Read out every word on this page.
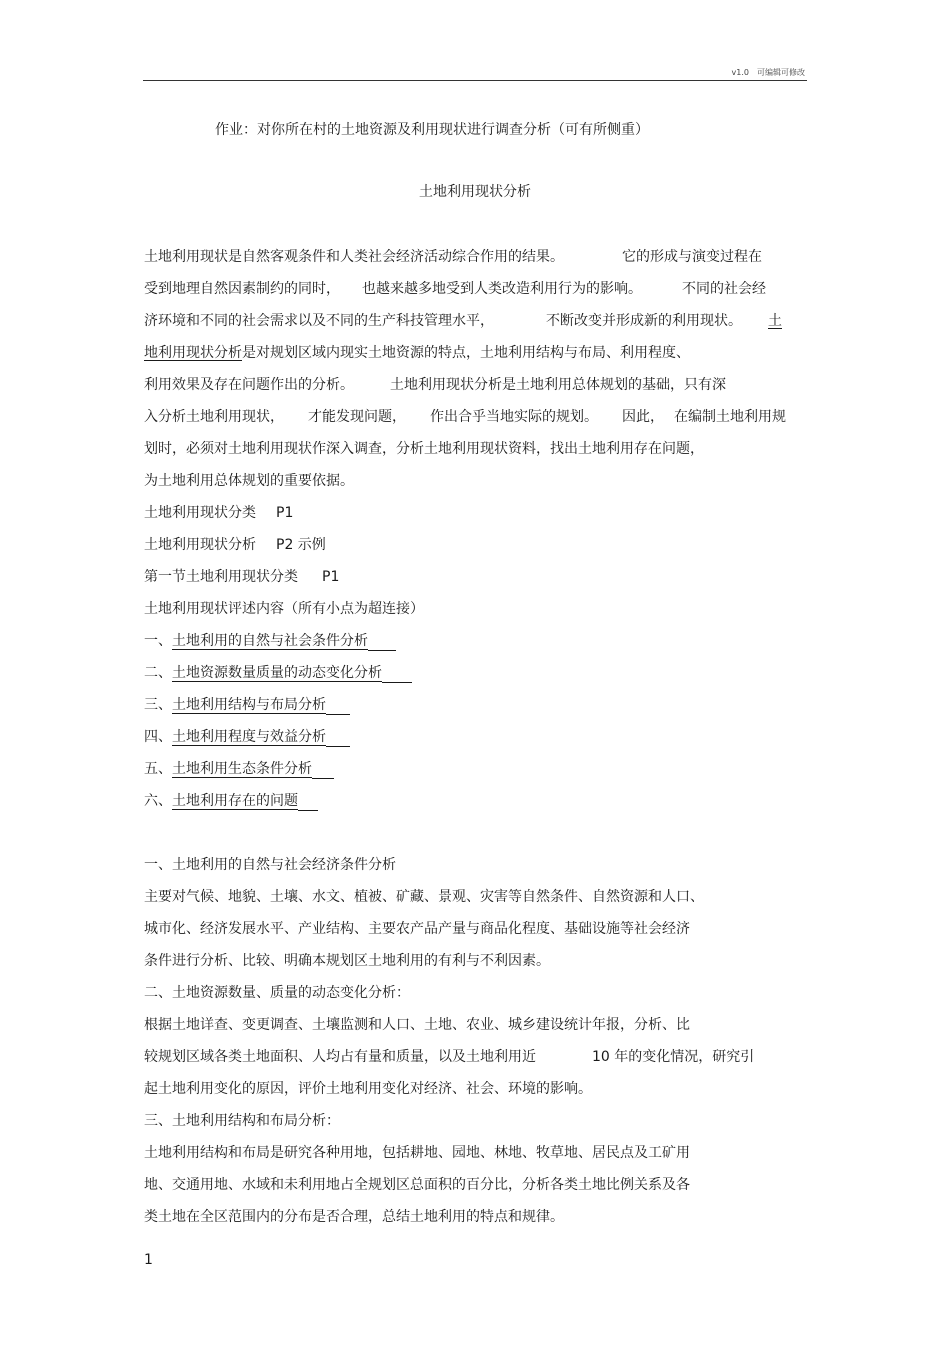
v1.0　可编辑可修改
作业：对你所在村的土地资源及利用现状进行调查分析（可有所侧重）
土地利用现状分析
土地利用现状是自然客观条件和人类社会经济活动综合作用的结果。	它的形成与演变过程在
受到地理自然因素制约的同时， 也越来越多地受到人类改造利用行为的影响。	不同的社会经
济环境和不同的社会需求以及不同的生产科技管理水平，	不断改变并形成新的利用现状。 土
地利用现状分析是对规划区域内现实土地资源的特点，土地利用结构与布局、利用程度、
利用效果及存在问题作出的分析。	土地利用现状分析是土地利用总体规划的基础，只有深
入分析土地利用现状， 才能发现问题， 作出合乎当地实际的规划。 因此， 在编制土地利用规
划时，必须对土地利用现状作深入调查，分析土地利用现状资料，找出土地利用存在问题，
为土地利用总体规划的重要依据。
土地利用现状分类 P1
土地利用现状分析 P2 示例
第一节土地利用现状分类 P1
土地利用现状评述内容（所有小点为超连接）
一、土地利用的自然与社会条件分析
二、土地资源数量质量的动态变化分析
三、土地利用结构与布局分析
四、土地利用程度与效益分析
五、土地利用生态条件分析
六、土地利用存在的问题
一、土地利用的自然与社会经济条件分析
主要对气候、地貌、土壤、水文、植被、矿藏、景观、灾害等自然条件、自然资源和人口、
城市化、经济发展水平、产业结构、主要农产品产量与商品化程度、基础设施等社会经济
条件进行分析、比较、明确本规划区土地利用的有利与不利因素。
二、土地资源数量、质量的动态变化分析：
根据土地详查、变更调查、土壤监测和人口、土地、农业、城乡建设统计年报，分析、比
较规划区域各类土地面积、人均占有量和质量，以及土地利用近	10 年的变化情况，研究引
起土地利用变化的原因，评价土地利用变化对经济、社会、环境的影响。
三、土地利用结构和布局分析：
土地利用结构和布局是研究各种用地，包括耕地、园地、林地、牧草地、居民点及工矿用
地、交通用地、水域和未利用地占全规划区总面积的百分比，分析各类土地比例关系及各
类土地在全区范围内的分布是否合理，总结土地利用的特点和规律。
1
